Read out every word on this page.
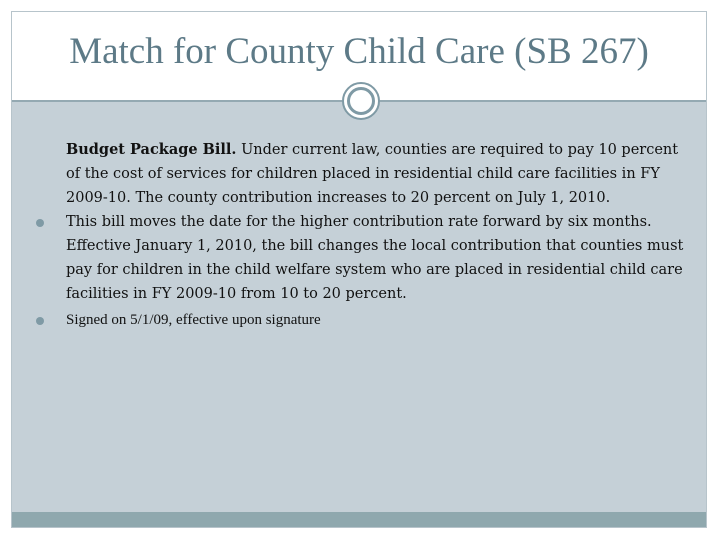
Match for County Child Care (SB 267)
Budget Package Bill. Under current law, counties are required to pay 10 percent of the cost of services for children placed in residential child care facilities in FY 2009-10. The county contribution increases to 20 percent on July 1, 2010.
This bill moves the date for the higher contribution rate forward by six months. Effective January 1, 2010, the bill changes the local contribution that counties must pay for children in the child welfare system who are placed in residential child care facilities in FY 2009-10 from 10 to 20 percent.
Signed on 5/1/09, effective upon signature
